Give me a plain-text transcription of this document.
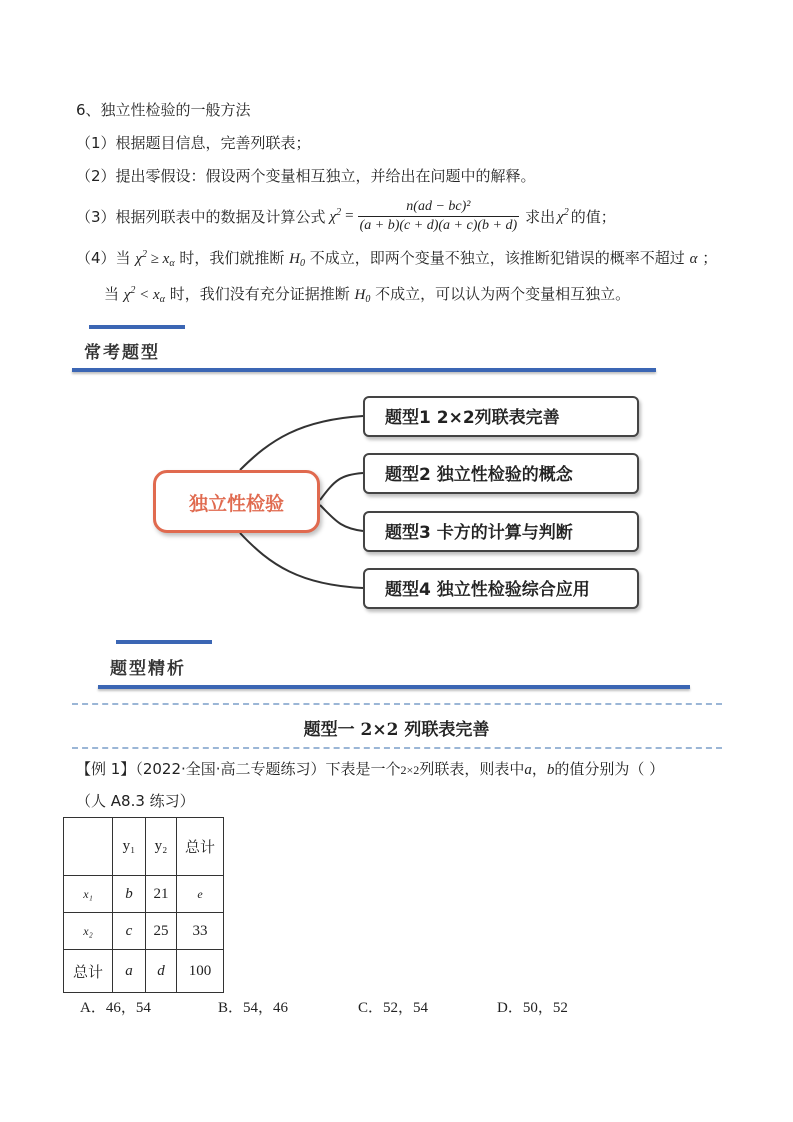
6、独立性检验的一般方法
（1）根据题目信息，完善列联表；
（2）提出零假设：假设两个变量相互独立，并给出在问题中的解释。
（3）根据列联表中的数据及计算公式 $\chi^2 = \frac{\text{n(ad − bc)²}}{(a + b)(c + d)(a + c)(b + d)}$ 求出 $\chi^2$ 的值；
（4）当 $\chi^2 \ge x_\alpha$ 时，我们就推断 $H_0$ 不成立，即两个变量不独立，该推断犯错误的概率不超过 α ；
当 $\chi^2 < x_\alpha$ 时，我们没有充分证据推断 $H_0$ 不成立，可以认为两个变量相互独立。
常考题型
独立性检验
题型1 2×2列联表完善
题型2 独立性检验的概念
题型3 卡方的计算与判断
题型4 独立性检验综合应用
题型精析
题型一 2×2 列联表完善
【例 1】（2022·全国·高二专题练习）下表是一个2×2列联表，则表中a，b的值分别为（ ）
（人 A8.3 练习）
	y₁	y₂	总计
x₁	b	21	e
x₂	c	25	33
总计	a	d	100
A．46，54	B．54，46	C．52，54	D．50，52
